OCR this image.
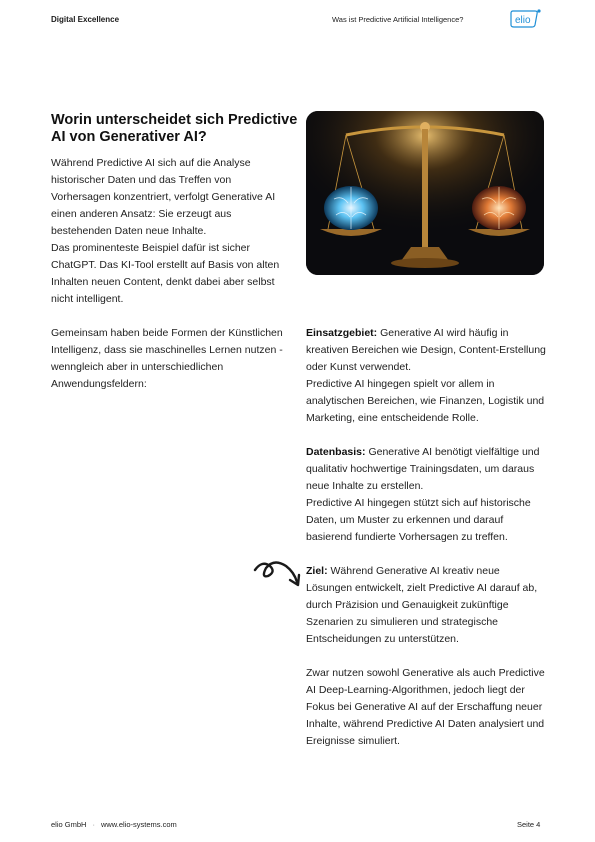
Digital Excellence	Was ist Predictive Artificial Intelligence?	elio
Worin unterscheidet sich Predictive AI von Generativer AI?

Während Predictive AI sich auf die Analyse historischer Daten und das Treffen von Vorhersagen konzentriert, verfolgt Generative AI einen anderen Ansatz: Sie erzeugt aus bestehenden Daten neue Inhalte.

Das prominenteste Beispiel dafür ist sicher ChatGPT. Das KI-Tool erstellt auf Basis von alten Inhalten neuen Content, denkt dabei aber selbst nicht intelligent.

Gemeinsam haben beide Formen der Künstlichen Intelligenz, dass sie maschinelles Lernen nutzen - wenngleich aber in unterschiedlichen Anwendungsfeldern:

Einsatzgebiet: Generative AI wird häufig in kreativen Bereichen wie Design, Content-Erstellung oder Kunst verwendet.

Predictive AI hingegen spielt vor allem in analytischen Bereichen, wie Finanzen, Logistik und Marketing, eine entscheidende Rolle.

Datenbasis: Generative AI benötigt vielfältige und qualitativ hochwertige Trainingsdaten, um daraus neue Inhalte zu erstellen.

Predictive AI hingegen stützt sich auf historische Daten, um Muster zu erkennen und darauf basierend fundierte Vorhersagen zu treffen.

Ziel: Während Generative AI kreativ neue Lösungen entwickelt, zielt Predictive AI darauf ab, durch Präzision und Genauigkeit zukünftige Szenarien zu simulieren und strategische Entscheidungen zu unterstützen.

Zwar nutzen sowohl Generative als auch Predictive AI Deep-Learning-Algorithmen, jedoch liegt der Fokus bei Generative AI auf der Erschaffung neuer Inhalte, während Predictive AI Daten analysiert und Ereignisse simuliert.

elio GmbH · www.elio-systems.com	Seite 4
